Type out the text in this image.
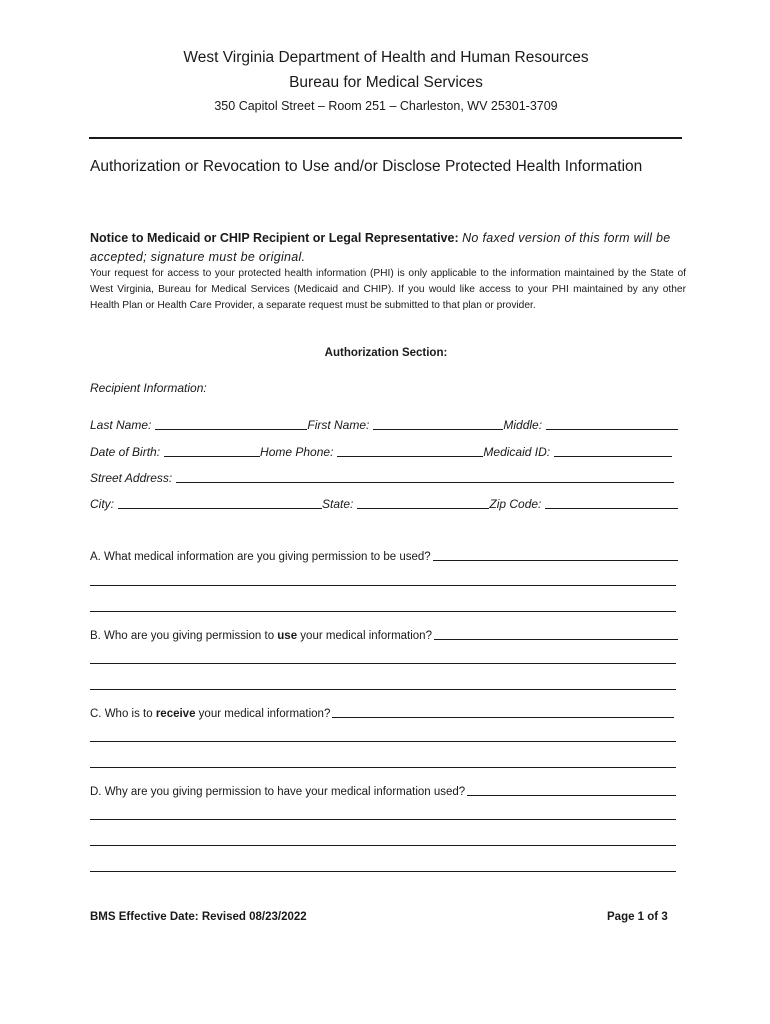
West Virginia Department of Health and Human Resources
Bureau for Medical Services
350 Capitol Street – Room 251 – Charleston, WV 25301-3709
Authorization or Revocation to Use and/or Disclose Protected Health Information
Notice to Medicaid or CHIP Recipient or Legal Representative: No faxed version of this form will be accepted; signature must be original.
Your request for access to your protected health information (PHI) is only applicable to the information maintained by the State of West Virginia, Bureau for Medical Services (Medicaid and CHIP). If you would like access to your PHI maintained by any other Health Plan or Health Care Provider, a separate request must be submitted to that plan or provider.
Authorization Section:
Recipient Information:
Last Name:	First Name:	Middle:
Date of Birth:	Home Phone:	Medicaid ID:
Street Address:
City:	State:	Zip Code:
A. What medical information are you giving permission to be used?
B. Who are you giving permission to use your medical information?
C. Who is to receive your medical information?
D. Why are you giving permission to have your medical information used?
BMS Effective Date: Revised 08/23/2022	Page 1 of 3
